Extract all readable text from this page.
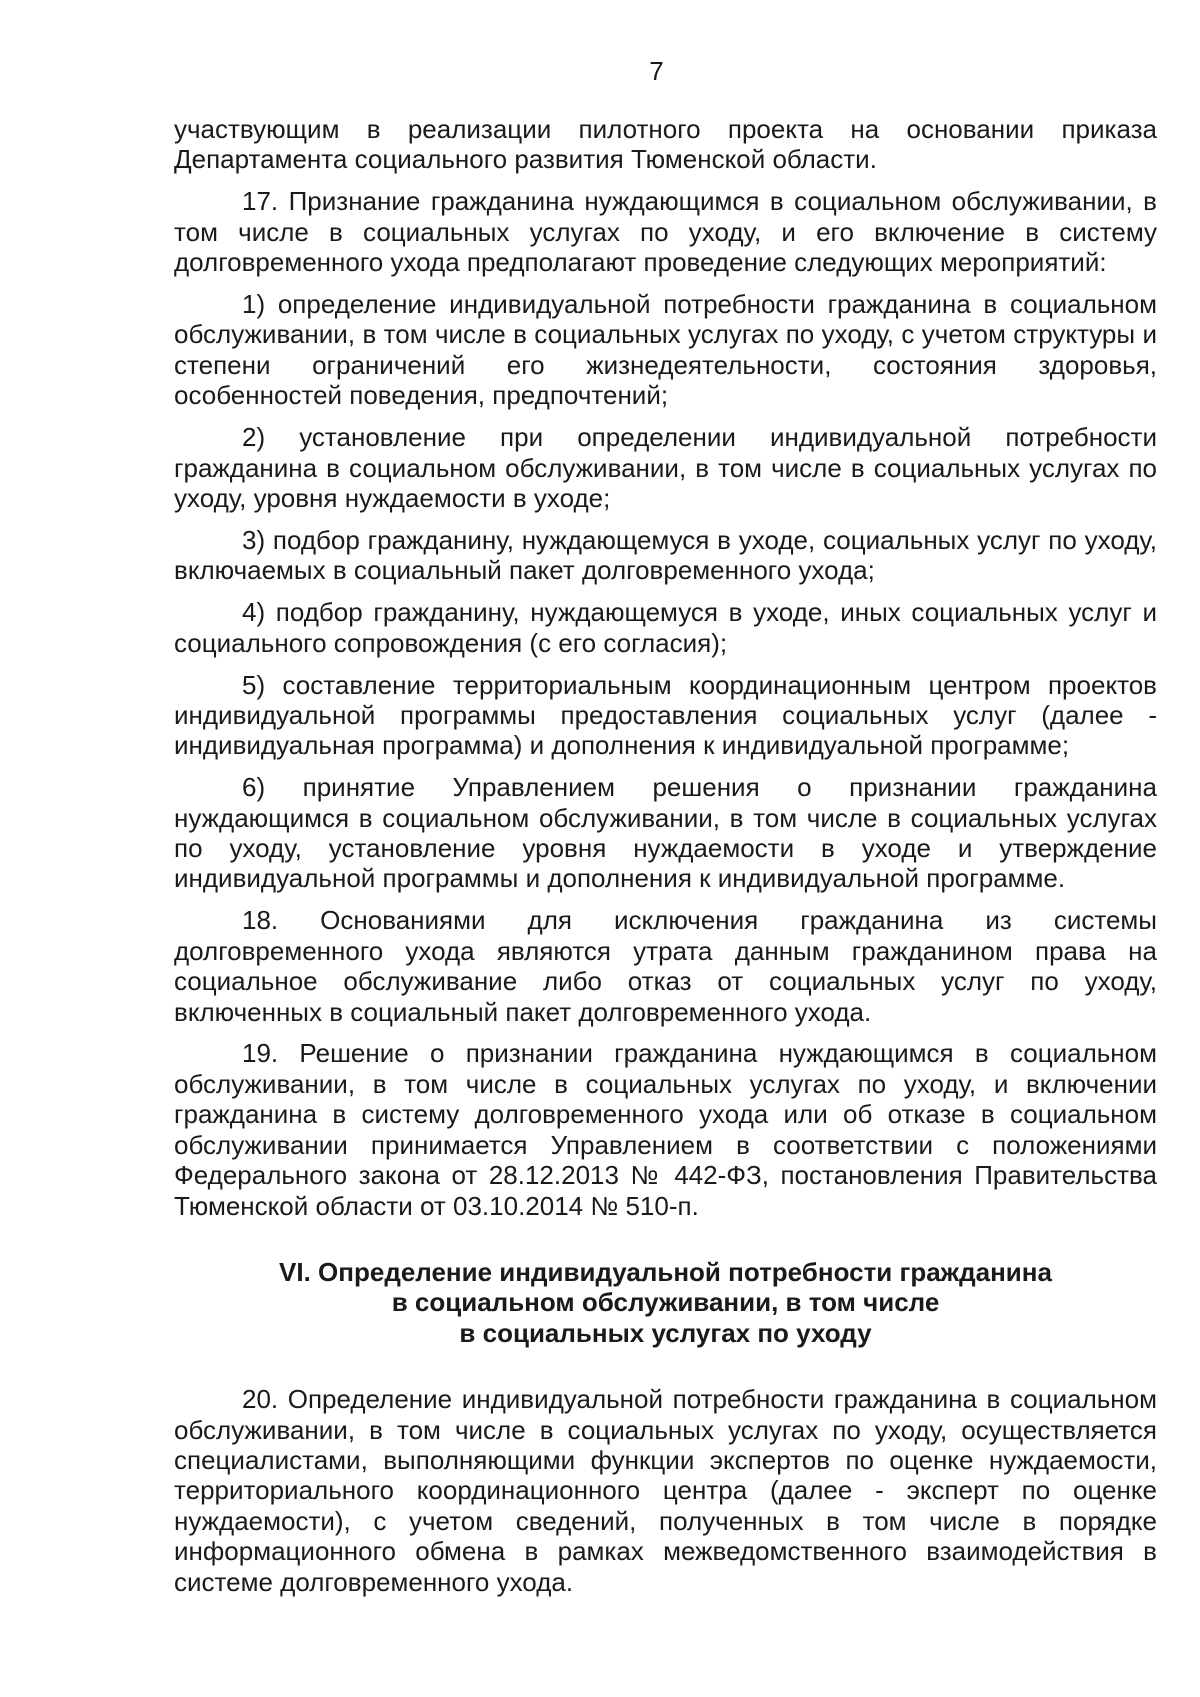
7

участвующим в реализации пилотного проекта на основании приказа Департамента социального развития Тюменской области.

17. Признание гражданина нуждающимся в социальном обслуживании, в том числе в социальных услугах по уходу, и его включение в систему долговременного ухода предполагают проведение следующих мероприятий:

1) определение индивидуальной потребности гражданина в социальном обслуживании, в том числе в социальных услугах по уходу, с учетом структуры и степени ограничений его жизнедеятельности, состояния здоровья, особенностей поведения, предпочтений;

2) установление при определении индивидуальной потребности гражданина в социальном обслуживании, в том числе в социальных услугах по уходу, уровня нуждаемости в уходе;

3) подбор гражданину, нуждающемуся в уходе, социальных услуг по уходу, включаемых в социальный пакет долговременного ухода;

4) подбор гражданину, нуждающемуся в уходе, иных социальных услуг и социального сопровождения (с его согласия);

5) составление территориальным координационным центром проектов индивидуальной программы предоставления социальных услуг (далее - индивидуальная программа) и дополнения к индивидуальной программе;

6) принятие Управлением решения о признании гражданина нуждающимся в социальном обслуживании, в том числе в социальных услугах по уходу, установление уровня нуждаемости в уходе и утверждение индивидуальной программы и дополнения к индивидуальной программе.

18. Основаниями для исключения гражданина из системы долговременного ухода являются утрата данным гражданином права на социальное обслуживание либо отказ от социальных услуг по уходу, включенных в социальный пакет долговременного ухода.

19. Решение о признании гражданина нуждающимся в социальном обслуживании, в том числе в социальных услугах по уходу, и включении гражданина в систему долговременного ухода или об отказе в социальном обслуживании принимается Управлением в соответствии с положениями Федерального закона от 28.12.2013 № 442-ФЗ, постановления Правительства Тюменской области от 03.10.2014 № 510-п.

VI. Определение индивидуальной потребности гражданина
в социальном обслуживании, в том числе
в социальных услугах по уходу

20. Определение индивидуальной потребности гражданина в социальном обслуживании, в том числе в социальных услугах по уходу, осуществляется специалистами, выполняющими функции экспертов по оценке нуждаемости, территориального координационного центра (далее - эксперт по оценке нуждаемости), с учетом сведений, полученных в том числе в порядке информационного обмена в рамках межведомственного взаимодействия в системе долговременного ухода.
